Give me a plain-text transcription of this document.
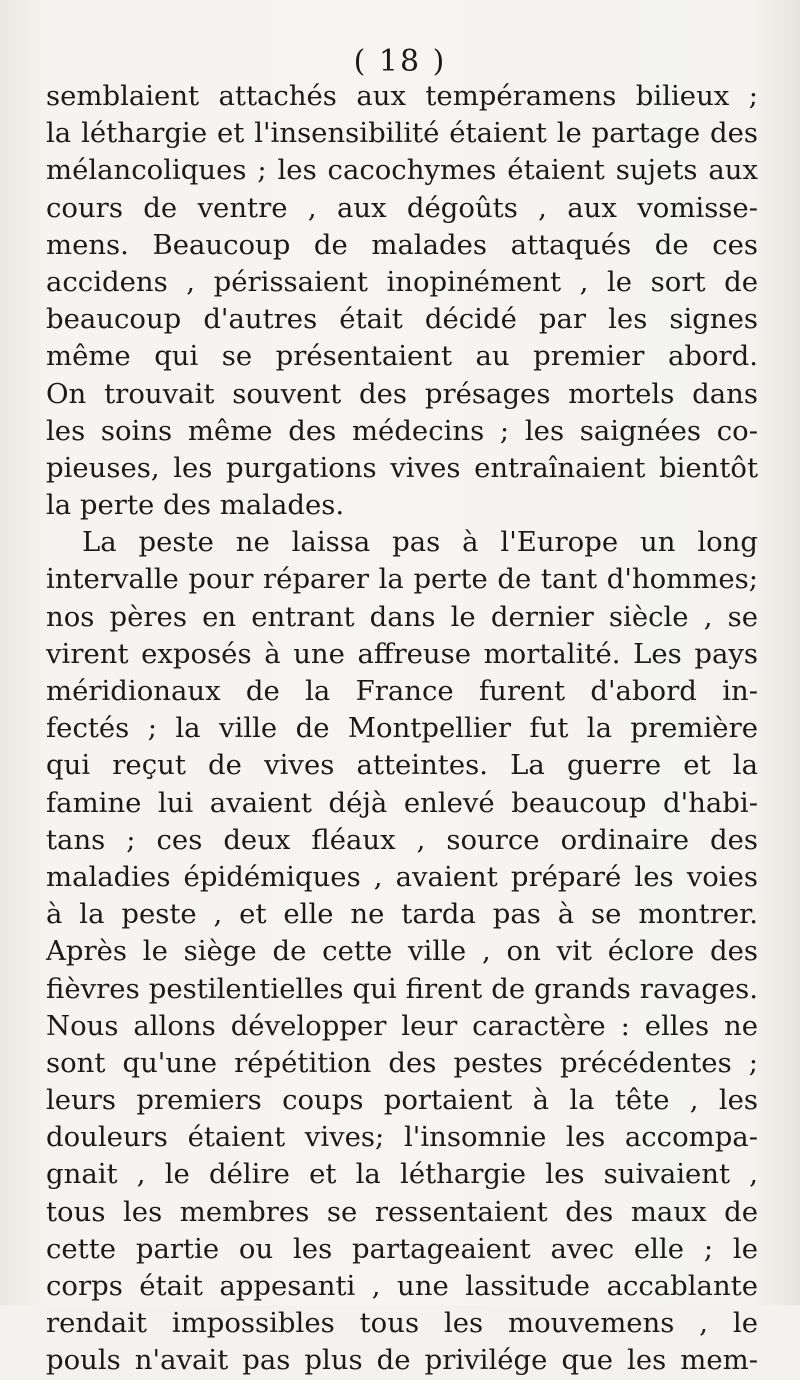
( 18 )
semblaient attachés aux tempéramens bilieux ;
la léthargie et l'insensibilité étaient le partage des
mélancoliques ; les cacochymes étaient sujets aux
cours de ventre , aux dégoûts , aux vomisse-
mens. Beaucoup de malades attaqués de ces
accidens , périssaient inopinément , le sort de
beaucoup d'autres était décidé par les signes
même qui se présentaient au premier abord.
On trouvait souvent des présages mortels dans
les soins même des médecins ; les saignées co-
pieuses, les purgations vives entraînaient bientôt
la perte des malades.
La peste ne laissa pas à l'Europe un long
intervalle pour réparer la perte de tant d'hommes;
nos pères en entrant dans le dernier siècle , se
virent exposés à une affreuse mortalité. Les pays
méridionaux de la France furent d'abord in-
fectés ; la ville de Montpellier fut la première
qui reçut de vives atteintes. La guerre et la
famine lui avaient déjà enlevé beaucoup d'habi-
tans ; ces deux fléaux , source ordinaire des
maladies épidémiques , avaient préparé les voies
à la peste , et elle ne tarda pas à se montrer.
Après le siège de cette ville , on vit éclore des
fièvres pestilentielles qui firent de grands ravages.
Nous allons développer leur caractère : elles ne
sont qu'une répétition des pestes précédentes ;
leurs premiers coups portaient à la tête , les
douleurs étaient vives; l'insomnie les accompa-
gnait , le délire et la léthargie les suivaient ,
tous les membres se ressentaient des maux de
cette partie ou les partageaient avec elle ; le
corps était appesanti , une lassitude accablante
rendait impossibles tous les mouvemens , le
pouls n'avait pas plus de privilége que les mem-
